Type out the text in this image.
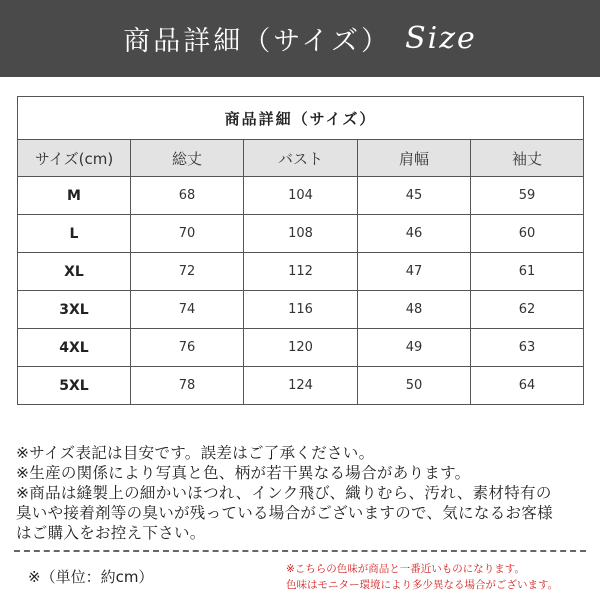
商品詳細（サイズ） Size
商品詳細（サイズ）				
サイズ(cm)	総丈	バスト	肩幅	袖丈
M	68	104	45	59
L	70	108	46	60
XL	72	112	47	61
3XL	74	116	48	62
4XL	76	120	49	63
5XL	78	124	50	64

※サイズ表記は目安です。誤差はご了承ください。

※生産の関係により写真と色、柄が若干異なる場合があります。

※商品は縫製上の細かいほつれ、インク飛び、織りむら、汚れ、素材特有の

臭いや接着剤等の臭いが残っている場合がございますので、気になるお客様

はご購入をお控え下さい。

※（単位：約cm）	※こちらの色味が商品と一番近いものになります。

色味はモニター環境により多少異なる場合がございます。
